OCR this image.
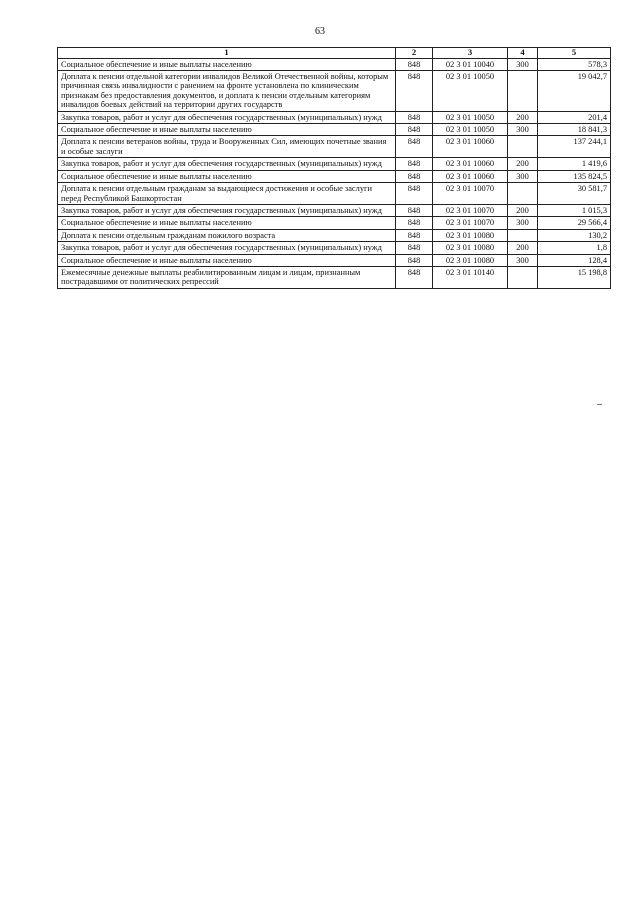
63
1	2	3	4	5
Социальное обеспечение и иные выплаты населению	848	02 3 01 10040	300	578,3
Доплата к пенсии отдельной категории инвалидов Великой Отечественной войны, которым причинная связь инвалидности с ранением на фронте установлена по клиническим признакам без предоставления документов, и доплата к пенсии отдельным категориям инвалидов боевых действий на территории других государств	848	02 3 01 10050		19 042,7
Закупка товаров, работ и услуг для обеспечения государственных (муниципальных) нужд	848	02 3 01 10050	200	201,4
Социальное обеспечение и иные выплаты населению	848	02 3 01 10050	300	18 841,3
Доплата к пенсии ветеранов войны, труда и Вооруженных Сил, имеющих почетные звания и особые заслуги	848	02 3 01 10060		137 244,1
Закупка товаров, работ и услуг для обеспечения государственных (муниципальных) нужд	848	02 3 01 10060	200	1 419,6
Социальное обеспечение и иные выплаты населению	848	02 3 01 10060	300	135 824,5
Доплата к пенсии отдельным гражданам за выдающиеся достижения и особые заслуги перед Республикой Башкортостан	848	02 3 01 10070		30 581,7
Закупка товаров, работ и услуг для обеспечения государственных (муниципальных) нужд	848	02 3 01 10070	200	1 015,3
Социальное обеспечение и иные выплаты населению	848	02 3 01 10070	300	29 566,4
Доплата к пенсии отдельным гражданам пожилого возраста	848	02 3 01 10080		130,2
Закупка товаров, работ и услуг для обеспечения государственных (муниципальных) нужд	848	02 3 01 10080	200	1,8
Социальное обеспечение и иные выплаты населению	848	02 3 01 10080	300	128,4
Ежемесячные денежные выплаты реабилитированным лицам и лицам, признанным пострадавшими от политических репрессий	848	02 3 01 10140		15 198,8
